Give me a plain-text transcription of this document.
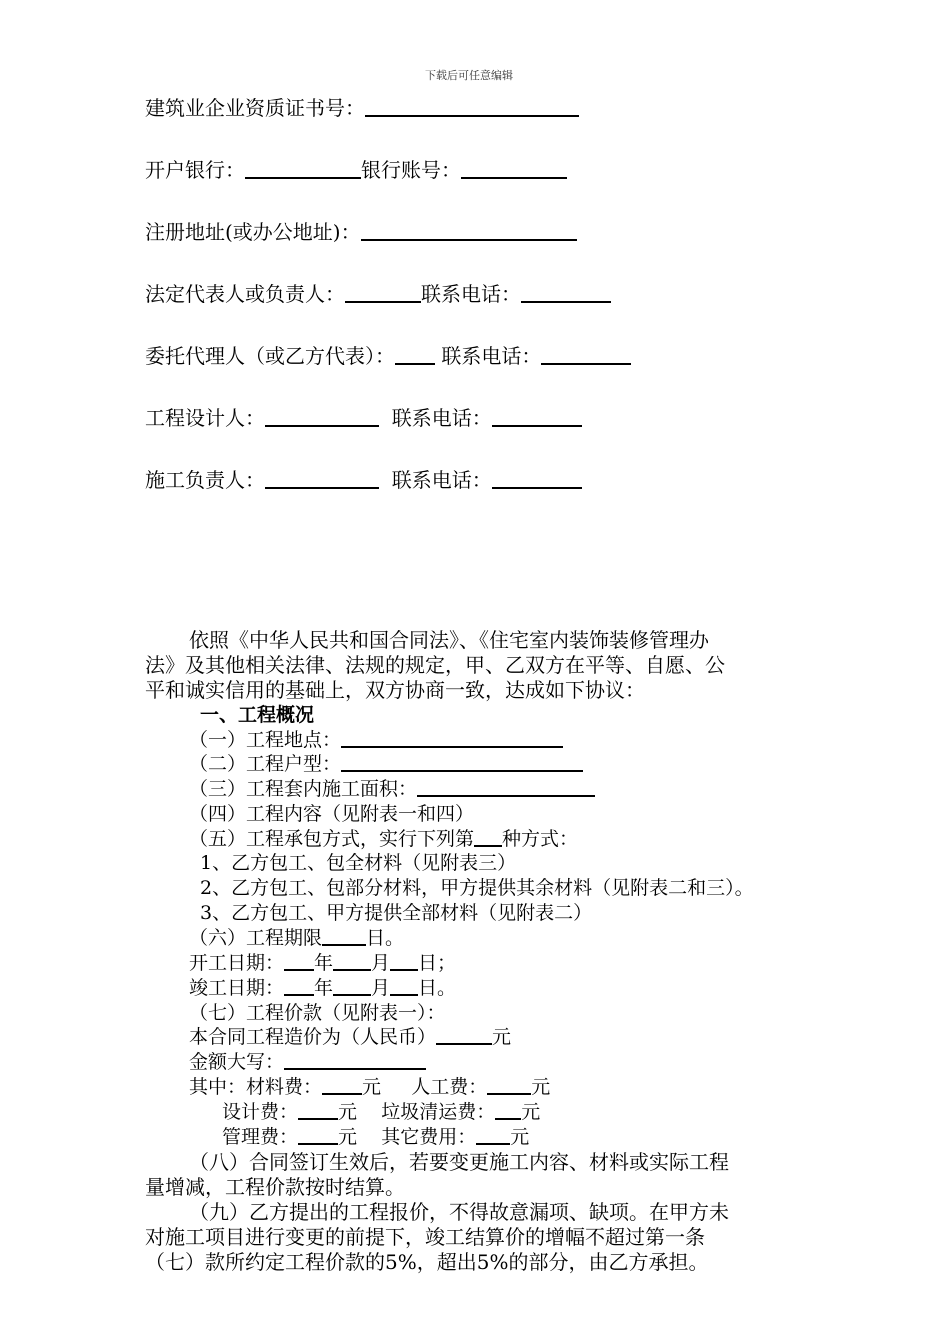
下载后可任意编辑
建筑业企业资质证书号：
开户银行：	银行账号：
注册地址(或办公地址)：
法定代表人或负责人：	联系电话：
委托代理人（或乙方代表）： 联系电话：
工程设计人：	联系电话：
施工负责人：	联系电话：
依照《中华人民共和国合同法》、《住宅室内装饰装修管理办
法》及其他相关法律、法规的规定，甲、乙双方在平等、自愿、公
平和诚实信用的基础上，双方协商一致，达成如下协议：
一、工程概况
（一）工程地点：
（二）工程户型：
（三）工程套内施工面积：
（四）工程内容（见附表一和四）
（五）工程承包方式，实行下列第 种方式：
1、乙方包工、包全材料（见附表三）
2、乙方包工、包部分材料，甲方提供其余材料（见附表二和三）。
3、乙方包工、甲方提供全部材料（见附表二）
（六）工程期限 日。
开工日期： 年 月 日；
竣工日期： 年 月 日。
（七）工程价款（见附表一）：
本合同工程造价为（人民币）	元
金额大写：
其中：材料费： 元 人工费： 元
设计费： 元 垃圾清运费： 元
管理费： 元 其它费用： 元
（八）合同签订生效后，若要变更施工内容、材料或实际工程
量增减，工程价款按时结算。
（九）乙方提出的工程报价，不得故意漏项、缺项。在甲方未
对施工项目进行变更的前提下，竣工结算价的增幅不超过第一条
（七）款所约定工程价款的5%，超出5%的部分，由乙方承担。
